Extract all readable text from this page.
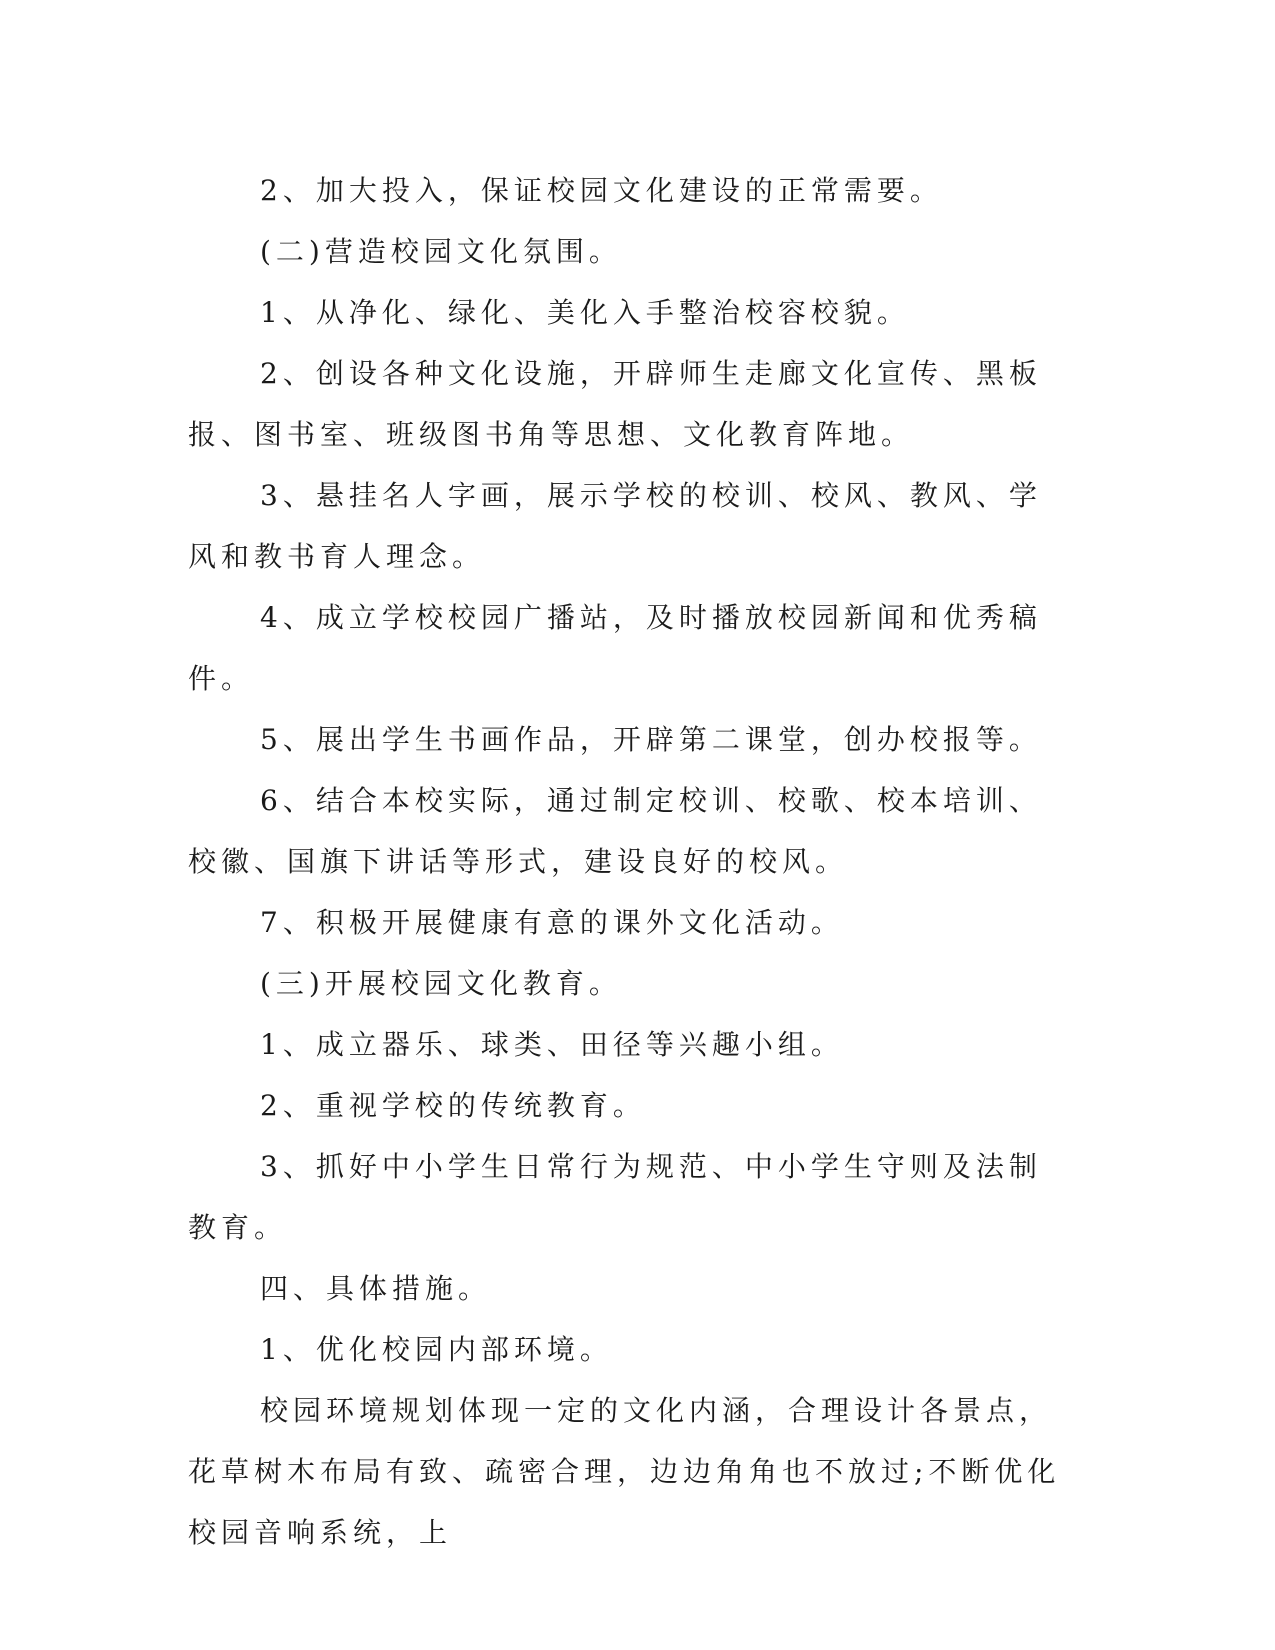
2、加大投入，保证校园文化建设的正常需要。

(二)营造校园文化氛围。

1、从净化、绿化、美化入手整治校容校貌。

2、创设各种文化设施，开辟师生走廊文化宣传、黑板报、图书室、班级图书角等思想、文化教育阵地。

3、悬挂名人字画，展示学校的校训、校风、教风、学风和教书育人理念。

4、成立学校校园广播站，及时播放校园新闻和优秀稿件。

5、展出学生书画作品，开辟第二课堂，创办校报等。

6、结合本校实际，通过制定校训、校歌、校本培训、校徽、国旗下讲话等形式，建设良好的校风。

7、积极开展健康有意的课外文化活动。

(三)开展校园文化教育。

1、成立器乐、球类、田径等兴趣小组。

2、重视学校的传统教育。

3、抓好中小学生日常行为规范、中小学生守则及法制教育。

四、具体措施。

1、优化校园内部环境。

校园环境规划体现一定的文化内涵，合理设计各景点，花草树木布局有致、疏密合理，边边角角也不放过;不断优化校园音响系统，上
